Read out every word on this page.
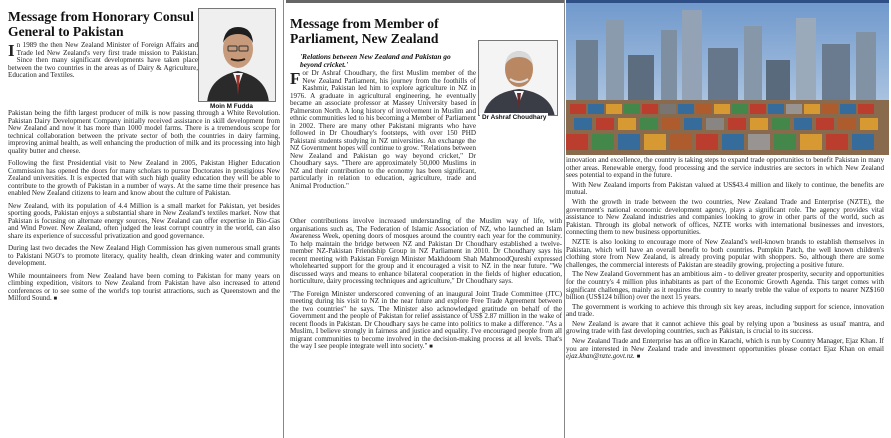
Message from Honorary Consul General to Pakistan

In 1989 the then New Zealand Minister of Foreign Affairs and Trade led New Zealand's very first trade mission to Pakistan. Since then many significant developments have taken place between the two countries in the areas as of Dairy & Agriculture, Education and Textiles.

Pakistan being the fifth largest producer of milk is now passing through a White Revolution. Pakistan Dairy Development Company initially received assistance in skill development from New Zealand and now it has more than 1000 model farms. There is a tremendous scope for technical collaboration between the private sector of both the countries in dairy farming, improving animal health, as well enhancing the production of milk and its processing into high quality butter and cheese.

Following the first Presidential visit to New Zealand in 2005, Pakistan Higher Education Commission has opened the doors for many scholars to pursue Doctorates in prestigious New Zealand universities. It is expected that with such high quality education they will be able to contribute to the growth of Pakistan in a number of ways. At the same time their presence has enabled New Zealand citizens to learn and know about the culture of Pakistan.

New Zealand, with its population of 4.4 Million is a small market for Pakistan, yet besides sporting goods, Pakistan enjoys a substantial share in New Zealand's textiles market. Now that Pakistan is focusing on alternate energy sources, New Zealand can offer expertise in Bio-Gas and Wind Power. New Zealand, often judged the least corrupt country in the world, can also share its experience of successful privatization and good governance.

During last two decades the New Zealand High Commission has given numerous small grants to Pakistani NGO's to promote literacy, quality health, clean drinking water and community development.

While mountaineers from New Zealand have been coming to Pakistan for many years on climbing expedition, visitors to New Zealand from Pakistan have also increased to attend conferences or to see some of the world's top tourist attractions, such as Queenstown and the Milford Sound. ■

Moin M Fudda
Message from Member of Parliament, New Zealand
'Relations between New Zealand and Pakistan go beyond cricket.'

For Dr Ashraf Choudhary, the first Muslim member of the New Zealand Parliament, his journey from the foothills of Kashmir, Pakistan led him to explore agriculture in NZ in 1976. A graduate in agricultural engineering, he eventually became an associate professor at Massey University based in Palmerston North. A long history of involvement in Muslim and ethnic communities led to his becoming a Member of Parliament in 2002. There are many other Pakistani migrants who have followed in Dr Choudhary's footsteps, with over 150 PHD Pakistani students studying in NZ universities. An exchange the NZ Government hopes will continue to grow. "Relations between New Zealand and Pakistan go way beyond cricket," Dr Choudhary says. "There are approximately 50,000 Muslims in NZ and their contribution to the economy has been significant, particularly in relation to education, agriculture, trade and Animal Production."

Other contributions involve increased understanding of the Muslim way of life, with organisations such as, The Federation of Islamic Association of NZ, who launched an Islam Awareness Week, opening doors of mosques around the country each year for the community. To help maintain the bridge between NZ and Pakistan Dr Choudhary established a twelve-member NZ-Pakistan Friendship Group in NZ Parliament in 2010. Dr Choudhary says his recent meeting with Pakistan Foreign Minister Makhdoom Shah MahmoodQureshi expressed wholehearted support for the group and it encouraged a visit to NZ in the near future. "We discussed ways and means to enhance bilateral cooperation in the fields of higher education, horticulture, dairy processing techniques and agriculture," Dr Choudhary says.

"The Foreign Minister underscored convening of an inaugural Joint Trade Committee (JTC) meeting during his visit to NZ in the near future and explore Free Trade Agreement between the two countries" he says. The Minister also acknowledged gratitude on behalf of the Government and the people of Pakistan for relief assistance of US$ 2.87 million in the wake of recent floods in Pakistan. Dr Choudhary says he came into politics to make a difference. "As a Muslim, I believe strongly in fairness and justice and equality. I've encouraged people from all migrant communities to become involved in the decision-making process at all levels. That's the way I see people integrate well into society." ■

Dr Ashraf Choudhary

innovation and excellence, the country is taking steps to expand trade opportunities to benefit Pakistan in many other areas. Renewable energy, food processing and the service industries are sectors in which New Zealand sees potential to expand in the future.

With New Zealand imports from Pakistan valued at US$43.4 million and likely to continue, the benefits are mutual.

With the growth in trade between the two countries, New Zealand Trade and Enterprise (NZTE), the government's national economic development agency, plays a significant role. The agency provides vital assistance to New Zealand industries and companies looking to grow in other parts of the world, such as Pakistan. Through its global network of offices, NZTE works with international businesses and investors, connecting them to new business opportunities.

NZTE is also looking to encourage more of New Zealand's well-known brands to establish themselves in Pakistan, which will have an overall benefit to both countries. Pumpkin Patch, the well known children's clothing store from New Zealand, is already proving popular with shoppers. So, although there are some challenges, the commercial interests of Pakistan are steadily growing, projecting a positive future.

The New Zealand Government has an ambitious aim - to deliver greater prosperity, security and opportunities for the country's 4 million plus inhabitants as part of the Economic Growth Agenda. This target comes with significant challenges, mainly as it requires the country to nearly treble the value of exports to nearer NZ$160 billion (US$124 billion) over the next 15 years.

The government is working to achieve this through six key areas, including support for science, innovation and trade.

New Zealand is aware that it cannot achieve this goal by relying upon a 'business as usual' mantra, and growing trade with fast developing countries, such as Pakistan, is crucial to its success.

New Zealand Trade and Enterprise has an office in Karachi, which is run by Country Manager, Ejaz Khan. If you are interested in New Zealand trade and investment opportunities please contact Ejaz Khan on email ejaz.khan@nzte.govt.nz. ■
